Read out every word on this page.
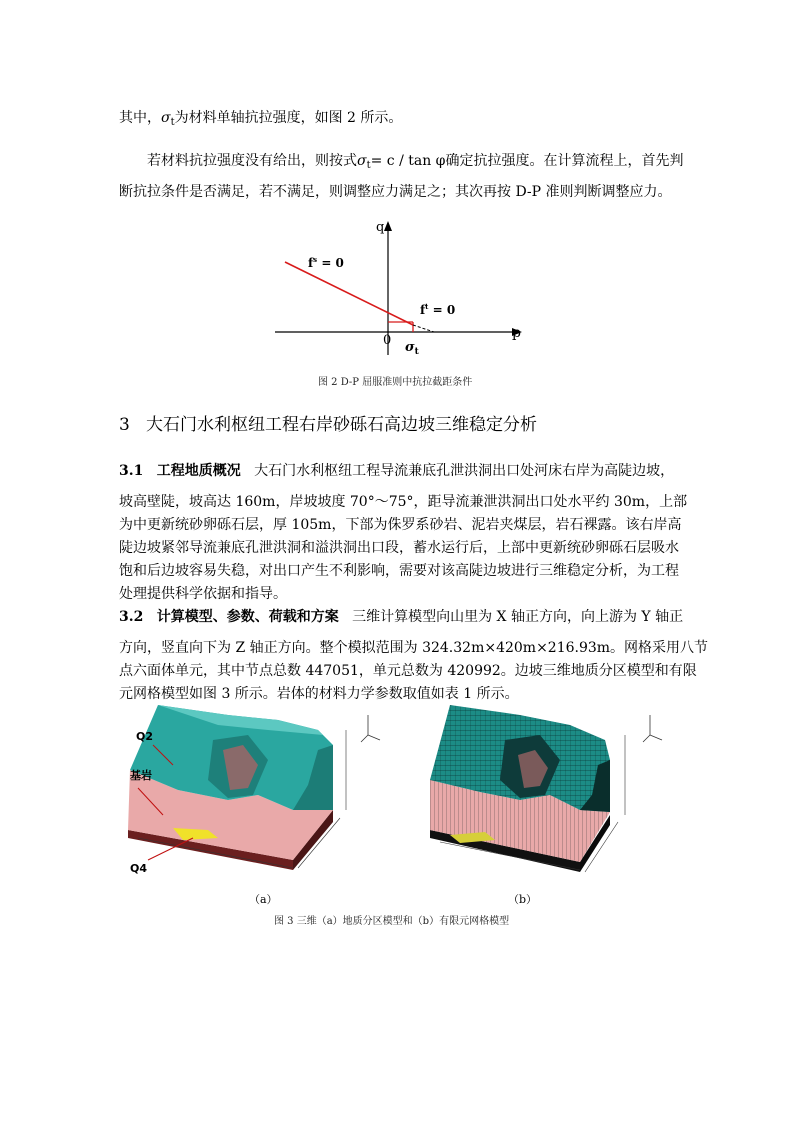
其中，$\sigma_t$为材料单轴抗拉强度，如图 2 所示。
若材料抗拉强度没有给出，则按式$\sigma_t= c / \tan \varphi$确定抗拉强度。在计算流程上，首先判
断抗拉条件是否满足，若不满足，则调整应力满足之；其次再按 D-P 准则判断调整应力。
q
p
0
$f^s = 0$
$f^t = 0$
$\sigma_t$
图 2 D-P 屈服准则中抗拉截距条件
3 大石门水利枢纽工程右岸砂砾石高边坡三维稳定分析
3.1 工程地质概况 大石门水利枢纽工程导流兼底孔泄洪洞出口处河床右岸为高陡边坡，
坡高壁陡，坡高达 160m，岸坡坡度 70°～75°，距导流兼泄洪洞出口处水平约 30m，上部
为中更新统砂卵砾石层，厚 105m，下部为侏罗系砂岩、泥岩夹煤层，岩石裸露。该右岸高
陡边坡紧邻导流兼底孔泄洪洞和溢洪洞出口段，蓄水运行后，上部中更新统砂卵砾石层吸水
饱和后边坡容易失稳，对出口产生不利影响，需要对该高陡边坡进行三维稳定分析，为工程
处理提供科学依据和指导。
3.2 计算模型、参数、荷载和方案 三维计算模型向山里为 X 轴正方向，向上游为 Y 轴正
方向，竖直向下为 Z 轴正方向。整个模拟范围为 324.32m×420m×216.93m。网格采用八节
点六面体单元，其中节点总数 447051，单元总数为 420992。边坡三维地质分区模型和有限
元网格模型如图 3 所示。岩体的材料力学参数取值如表 1 所示。
Q2
基岩
Q4
（a）	（b）
图 3 三维（a）地质分区模型和（b）有限元网格模型
